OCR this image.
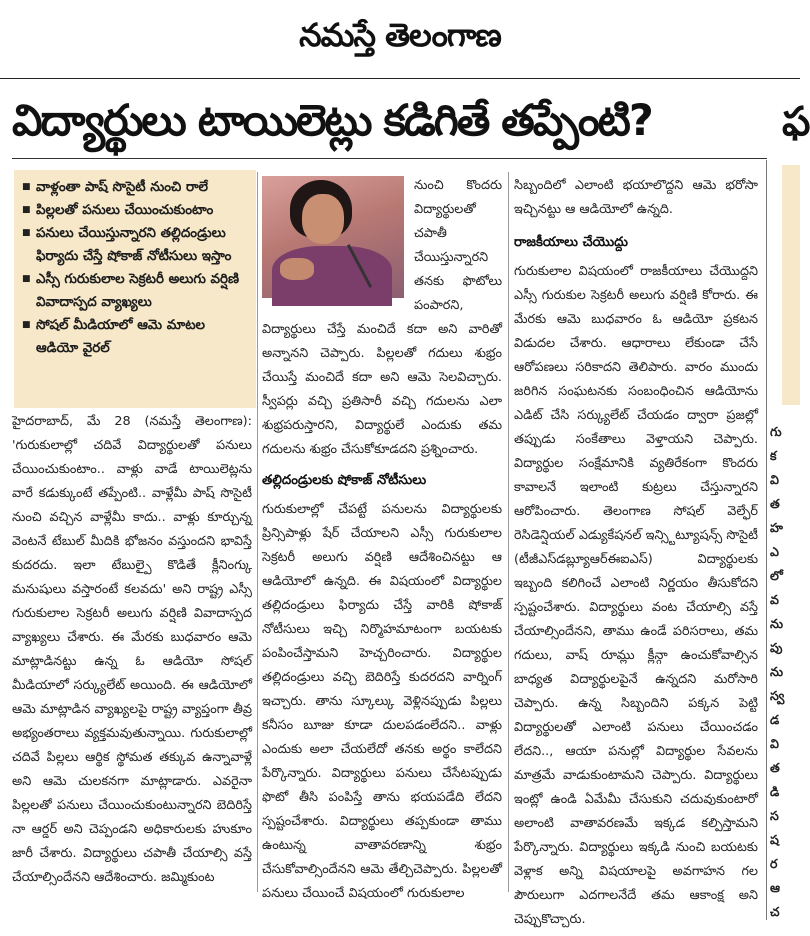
నమస్తే తెలంగాణ
విద్యార్థులు టాయిలెట్లు కడిగితే తప్పేంటి?	ఫ
■ వాళ్లంతా పాష్ సొసైటీ నుంచి రాలే
■ పిల్లలతో పనులు చేయించుకుంటాం
■ పనులు చేయిస్తున్నారని తల్లిదండ్రులు ఫిర్యాదు చేస్తే షోకాజ్ నోటీసులు ఇస్తాం
■ ఎస్సీ గురుకులాల సెక్రటరీ అలుగు వర్షిణి వివాదాస్పద వ్యాఖ్యలు
■ సోషల్ మీడియాలో ఆమె మాటల ఆడియో వైరల్

హైదరాబాద్, మే 28 (నమస్తే తెలంగాణ): 'గురుకులాల్లో చదివే విద్యార్థులతో పనులు చేయించుకుంటాం.. వాళ్లు వాడే టాయిలెట్లను వారే కడుక్కుంటే తప్పేంటి.. వాళ్లేమీ పాష్ సొసైటీ నుంచి వచ్చిన వాళ్లేమీ కాదు.. వాళ్లు కూర్చున్న వెంటనే టేబుల్ మీదికి భోజనం వస్తుందని భావిస్తే కుదరదు. ఇలా టేబుల్పై కొడితే క్లీనింగ్కు మనుషులు వస్తారంటే కలవదు' అని రాష్ట్ర ఎస్సీ గురుకులాల సెక్రటరీ అలుగు వర్షిణి వివాదాస్పద వ్యాఖ్యలు చేశారు. ఈ మేరకు బుధవారం ఆమె మాట్లాడినట్టు ఉన్న ఓ ఆడియో సోషల్ మీడియాలో సర్క్యులేట్ అయింది. ఈ ఆడియోలో ఆమె మాట్లాడిన వ్యాఖ్యలపై రాష్ట్ర వ్యాప్తంగా తీవ్ర అభ్యంతరాలు వ్యక్తమవుతున్నాయి. గురుకులాల్లో చదివే పిల్లలు ఆర్థిక స్థోమత తక్కువ ఉన్నావాళ్లే అని ఆమె చులకనగా మాట్లాడారు. ఎవరైనా పిల్లలతో పనులు చేయించుకుంటున్నారని బెదిరిస్తే నా ఆర్డర్ అని చెప్పండని అధికారులకు హుకూం జారీ చేశారు. విద్యార్థులు చపాతీ చేయాల్సి వస్తే చేయాల్సిందేనని ఆదేశించారు. జమ్మికుంట

నుంచి కొందరు విద్యార్థులతో చపాతీ చేయిస్తున్నారని తనకు ఫొటోలు పంపారని, విద్యార్థులు చేస్తే మంచిదే కదా అని వారితో అన్నానని చెప్పారు. పిల్లలతో గదులు శుభ్రం చేయిస్తే మంచిదే కదా అని ఆమె సెలవిచ్చారు. స్వీపర్లు వచ్చి ప్రతిసారీ వచ్చి గదులను ఎలా శుభ్రపరుస్తారని, విద్యార్థులే ఎందుకు తమ గదులను శుభ్రం చేసుకోకూడదని ప్రశ్నించారు.

తల్లిదండ్రులకు షోకాజ్ నోటీసులు

గురుకులాల్లో చేపట్టే పనులను విద్యార్థులకు ప్రిన్సిపాళ్లు షేర్ చేయాలని ఎస్సీ గురుకులాల సెక్రటరీ అలుగు వర్షిణి ఆదేశించినట్టు ఆ ఆడియోలో ఉన్నది. ఈ విషయంలో విద్యార్థుల తల్లిదండ్రులు ఫిర్యాదు చేస్తే వారికి షోకాజ్ నోటీసులు ఇచ్చి నిర్మొహమాటంగా బయటకు పంపించేస్తామని హెచ్చరించారు. విద్యార్థుల తల్లిదండ్రులు వచ్చి బెదిరిస్తే కుదరదని వార్నింగ్ ఇచ్చారు. తాను స్కూల్కు వెళ్లినప్పుడు పిల్లలు కనీసం బూజు కూడా దులపడంలేదని.. వాళ్లు ఎందుకు అలా చేయలేదో తనకు అర్థం కాలేదని పేర్కొన్నారు. విద్యార్థులు పనులు చేసేటప్పుడు ఫొటో తీసి పంపిస్తే తాను భయపడేది లేదని స్పష్టంచేశారు. విద్యార్థులు తప్పకుండా తాము ఉంటున్న వాతావరణాన్ని శుభ్రం చేసుకోవాల్సిందేనని ఆమె తేల్చిచెప్పారు. పిల్లలతో పనులు చేయించే విషయంలో గురుకులాల

సిబ్బందిలో ఎలాంటి భయాలొద్దని ఆమె భరోసా ఇచ్చినట్టు ఆ ఆడియోలో ఉన్నది.

రాజకీయాలు చేయొద్దు

గురుకులాల విషయంలో రాజకీయాలు చేయొద్దని ఎస్సీ గురుకుల సెక్రటరీ అలుగు వర్షిణి కోరారు. ఈ మేరకు ఆమె బుధవారం ఓ ఆడియో ప్రకటన విడుదల చేశారు. ఆధారాలు లేకుండా చేసే ఆరోపణలు సరికాదని తెలిపారు. వారం ముందు జరిగిన సంఘటనకు సంబంధించిన ఆడియోను ఎడిట్ చేసి సర్క్యులేట్ చేయడం ద్వారా ప్రజల్లో తప్పుడు సంకేతాలు వెళ్తాయని చెప్పారు. విద్యార్థుల సంక్షేమానికి వ్యతిరేకంగా కొందరు కావాలనే ఇలాంటి కుట్రలు చేస్తున్నారని ఆరోపించారు. తెలంగాణ సోషల్ వెల్ఫేర్ రెసిడెన్షియల్ ఎడ్యుకేషనల్ ఇన్స్టిట్యూషన్స్ సొసైటీ (టీజీఎస్‌డబ్ల్యూఆర్ఈఐఎస్) విద్యార్థులకు ఇబ్బంది కలిగించే ఎలాంటి నిర్ణయం తీసుకోదని స్పష్టంచేశారు. విద్యార్థులు వంట చేయాల్సి వస్తే చేయాల్సిందేనని, తాము ఉండే పరిసరాలు, తమ గదులు, వాష్ రూమ్లు క్లీన్గా ఉంచుకోవాల్సిన బాధ్యత విద్యార్థులపైనే ఉన్నదని మరోసారి చెప్పారు. ఉన్న సిబ్బందిని పక్కన పెట్టి విద్యార్థులతో ఎలాంటి పనులు చేయించడం లేదని.., ఆయా పనుల్లో విద్యార్థుల సేవలను మాత్రమే వాడుకుంటామని చెప్పారు. విద్యార్థులు ఇంట్లో ఉండి ఏమేమీ చేసుకుని చదువుకుంటారో అలాంటి వాతావరణమే ఇక్కడ కల్పిస్తామని పేర్కొన్నారు. విద్యార్థులు ఇక్కడి నుంచి బయటకు వెళ్లాక అన్ని విషయాలపై అవగాహన గల పౌరులుగా ఎదగాలనేదే తమ ఆకాంక్ష అని చెప్పుకొచ్చారు.

గు
క
వి
త
హ
ఎ
లో
వ
ను
పు
ను
స్వ
డ
వి
త
డి
స
ష
ర
ఆ
చ
